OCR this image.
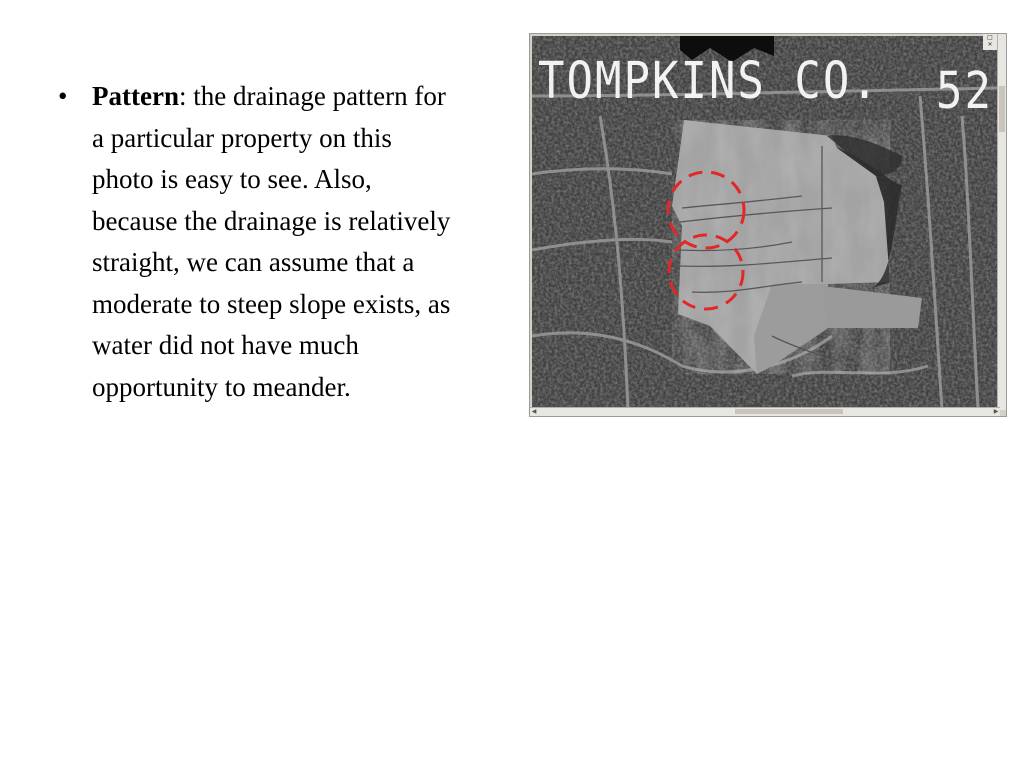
• Pattern: the drainage pattern for a particular property on this photo is easy to see. Also, because the drainage is relatively straight, we can assume that a moderate to steep slope exists, as water did not have much opportunity to meander.
TOMPKINS CO. 52
□
✕
◀	▶
